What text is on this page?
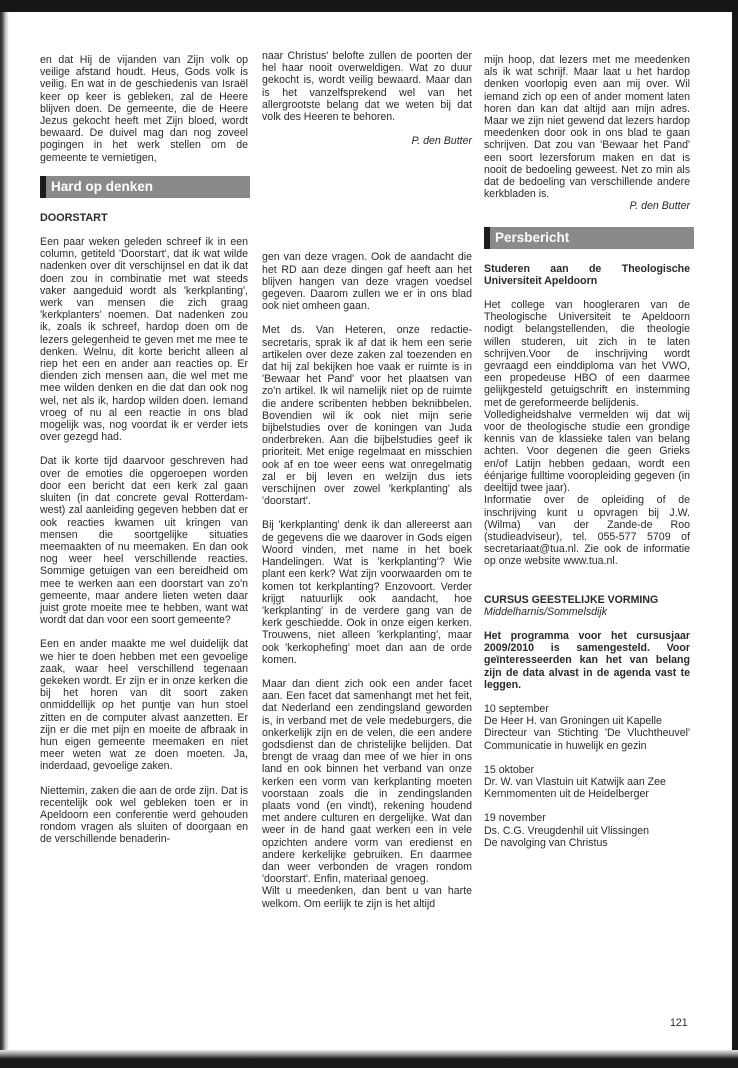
en dat Hij de vijanden van Zijn volk op veilige afstand houdt. Heus, Gods volk is veilig. En wat in de geschiedenis van Israël keer op keer is gebleken, zal de Heere blijven doen. De gemeente, die de Heere Jezus gekocht heeft met Zijn bloed, wordt bewaard. De duivel mag dan nog zoveel pogingen in het werk stellen om de gemeente te vernietigen,

Hard op denken
DOORSTART

Een paar weken geleden schreef ik in een column, getiteld 'Doorstart', dat ik wat wilde nadenken over dit verschijnsel en dat ik dat doen zou in combinatie met wat steeds vaker aangeduid wordt als 'kerkplanting', werk van mensen die zich graag 'kerkplanters' noemen. Dat nadenken zou ik, zoals ik schreef, hardop doen om de lezers gelegenheid te geven met me mee te denken. Welnu, dit korte bericht alleen al riep het een en ander aan reacties op. Er dienden zich mensen aan, die wel met me mee wilden denken en die dat dan ook nog wel, net als ik, hardop wilden doen. Iemand vroeg of nu al een reactie in ons blad mogelijk was, nog voordat ik er verder iets over gezegd had.

Dat ik korte tijd daarvoor geschreven had over de emoties die opgeroepen worden door een bericht dat een kerk zal gaan sluiten (in dat concrete geval Rotterdam-west) zal aanleiding gegeven hebben dat er ook reacties kwamen uit kringen van mensen die soortgelijke situaties meemaakten of nu meemaken. En dan ook nog weer heel verschillende reacties. Sommige getuigen van een bereidheid om mee te werken aan een doorstart van zo'n gemeente, maar andere lieten weten daar juist grote moeite mee te hebben, want wat wordt dat dan voor een soort gemeente?

Een en ander maakte me wel duidelijk dat we hier te doen hebben met een gevoelige zaak, waar heel verschillend tegenaan gekeken wordt. Er zijn er in onze kerken die bij het horen van dit soort zaken onmiddellijk op het puntje van hun stoel zitten en de computer alvast aanzetten. Er zijn er die met pijn en moeite de afbraak in hun eigen gemeente meemaken en niet meer weten wat ze doen moeten. Ja, inderdaad, gevoelige zaken.

Niettemin, zaken die aan de orde zijn. Dat is recentelijk ook wel gebleken toen er in Apeldoorn een conferentie werd gehouden rondom vragen als sluiten of doorgaan en de verschillende benaderin-

naar Christus' belofte zullen de poorten der hel haar nooit overweldigen. Wat zo duur gekocht is, wordt veilig bewaard. Maar dan is het vanzelfsprekend wel van het allergrootste belang dat we weten bij dat volk des Heeren te behoren.

P. den Butter

gen van deze vragen. Ook de aandacht die het RD aan deze dingen gaf heeft aan het blijven hangen van deze vragen voedsel gegeven. Daarom zullen we er in ons blad ook niet omheen gaan.

Met ds. Van Heteren, onze redactie-secretaris, sprak ik af dat ik hem een serie artikelen over deze zaken zal toezenden en dat hij zal bekijken hoe vaak er ruimte is in 'Bewaar het Pand' voor het plaatsen van zo'n artikel. Ik wil namelijk niet op de ruimte die andere scribenten hebben beknibbelen. Bovendien wil ik ook niet mijn serie bijbelstudies over de koningen van Juda onderbreken. Aan die bijbelstudies geef ik prioriteit. Met enige regelmaat en misschien ook af en toe weer eens wat onregelmatig zal er bij leven en welzijn dus iets verschijnen over zowel 'kerkplanting' als 'doorstart'.

Bij 'kerkplanting' denk ik dan allereerst aan de gegevens die we daarover in Gods eigen Woord vinden, met name in het boek Handelingen. Wat is 'kerkplanting'? Wie plant een kerk? Wat zijn voorwaarden om te komen tot kerkplanting? Enzovoort. Verder krijgt natuurlijk ook aandacht, hoe 'kerkplanting' in de verdere gang van de kerk geschiedde. Ook in onze eigen kerken. Trouwens, niet alleen 'kerkplanting', maar ook 'kerkophefing' moet dan aan de orde komen.

Maar dan dient zich ook een ander facet aan. Een facet dat samenhangt met het feit, dat Nederland een zendingsland geworden is, in verband met de vele medeburgers, die onkerkelijk zijn en de velen, die een andere godsdienst dan de christelijke belijden. Dat brengt de vraag dan mee of we hier in ons land en ook binnen het verband van onze kerken een vorm van kerkplanting moeten voorstaan zoals die in zendingslanden plaats vond (en vindt), rekening houdend met andere culturen en dergelijke. Wat dan weer in de hand gaat werken een in vele opzichten andere vorm van eredienst en andere kerkelijke gebruiken. En daarmee dan weer verbonden de vragen rondom 'doorstart'. Enfin, materiaal genoeg.

Wilt u meedenken, dan bent u van harte welkom. Om eerlijk te zijn is het altijd

mijn hoop, dat lezers met me meedenken als ik wat schrijf. Maar laat u het hardop denken voorlopig even aan mij over. Wil iemand zich op een of ander moment laten horen dan kan dat altijd aan mijn adres. Maar we zijn niet gewend dat lezers hardop meedenken door ook in ons blad te gaan schrijven. Dat zou van 'Bewaar het Pand' een soort lezersforum maken en dat is nooit de bedoeling geweest. Net zo min als dat de bedoeling van verschillende andere kerkbladen is.

P. den Butter
Persbericht
Studeren aan de Theologische Universiteit Apeldoorn

Het college van hoogleraren van de Theologische Universiteit te Apeldoorn nodigt belangstellenden, die theologie willen studeren, uit zich in te laten schrijven.Voor de inschrijving wordt gevraagd een einddiploma van het VWO, een propedeuse HBO of een daarmee gelijkgesteld getuigschrift en instemming met de gereformeerde belijdenis.

Volledigheidshalve vermelden wij dat wij voor de theologische studie een grondige kennis van de klassieke talen van belang achten. Voor degenen die geen Grieks en/of Latijn hebben gedaan, wordt een éénjarige fulltime vooropleiding gegeven (in deeltijd twee jaar).

Informatie over de opleiding of de inschrijving kunt u opvragen bij J.W. (Wilma) van der Zande-de Roo (studieadviseur), tel. 055-577 5709 of secretariaat@tua.nl. Zie ook de informatie op onze website www.tua.nl.

CURSUS GEESTELIJKE VORMING
Middelharnis/Sommelsdijk

Het programma voor het cursusjaar 2009/2010 is samengesteld. Voor geïnteresseerden kan het van belang zijn de data alvast in de agenda vast te leggen.

10 september
De Heer H. van Groningen uit Kapelle
Directeur van Stichting 'De Vluchtheuvel' Communicatie in huwelijk en gezin
15 oktober
Dr. W. van Vlastuin uit Katwijk aan Zee
Kernmomenten uit de Heidelberger
19 november
Ds. C.G. Vreugdenhil uit Vlissingen
De navolging van Christus
121
